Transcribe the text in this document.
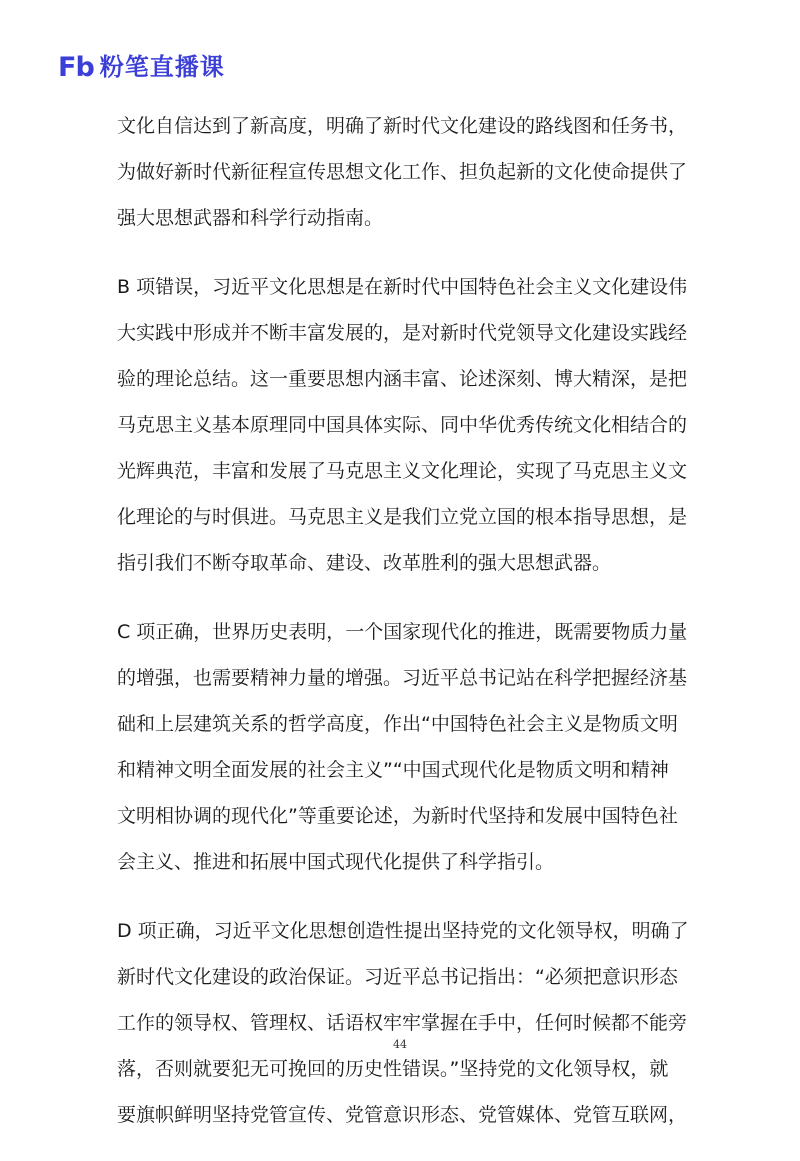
Fb 粉笔直播课
文化自信达到了新高度，明确了新时代文化建设的路线图和任务书，
为做好新时代新征程宣传思想文化工作、担负起新的文化使命提供了
强大思想武器和科学行动指南。
B 项错误，习近平文化思想是在新时代中国特色社会主义文化建设伟
大实践中形成并不断丰富发展的，是对新时代党领导文化建设实践经
验的理论总结。这一重要思想内涵丰富、论述深刻、博大精深，是把
马克思主义基本原理同中国具体实际、同中华优秀传统文化相结合的
光辉典范，丰富和发展了马克思主义文化理论，实现了马克思主义文
化理论的与时俱进。马克思主义是我们立党立国的根本指导思想，是
指引我们不断夺取革命、建设、改革胜利的强大思想武器。
C 项正确，世界历史表明，一个国家现代化的推进，既需要物质力量
的增强，也需要精神力量的增强。习近平总书记站在科学把握经济基
础和上层建筑关系的哲学高度，作出“中国特色社会主义是物质文明
和精神文明全面发展的社会主义”“中国式现代化是物质文明和精神
文明相协调的现代化”等重要论述，为新时代坚持和发展中国特色社
会主义、推进和拓展中国式现代化提供了科学指引。
D 项正确，习近平文化思想创造性提出坚持党的文化领导权，明确了
新时代文化建设的政治保证。习近平总书记指出：“必须把意识形态
工作的领导权、管理权、话语权牢牢掌握在手中，任何时候都不能旁
落，否则就要犯无可挽回的历史性错误。”坚持党的文化领导权，就
要旗帜鲜明坚持党管宣传、党管意识形态、党管媒体、党管互联网，
44
